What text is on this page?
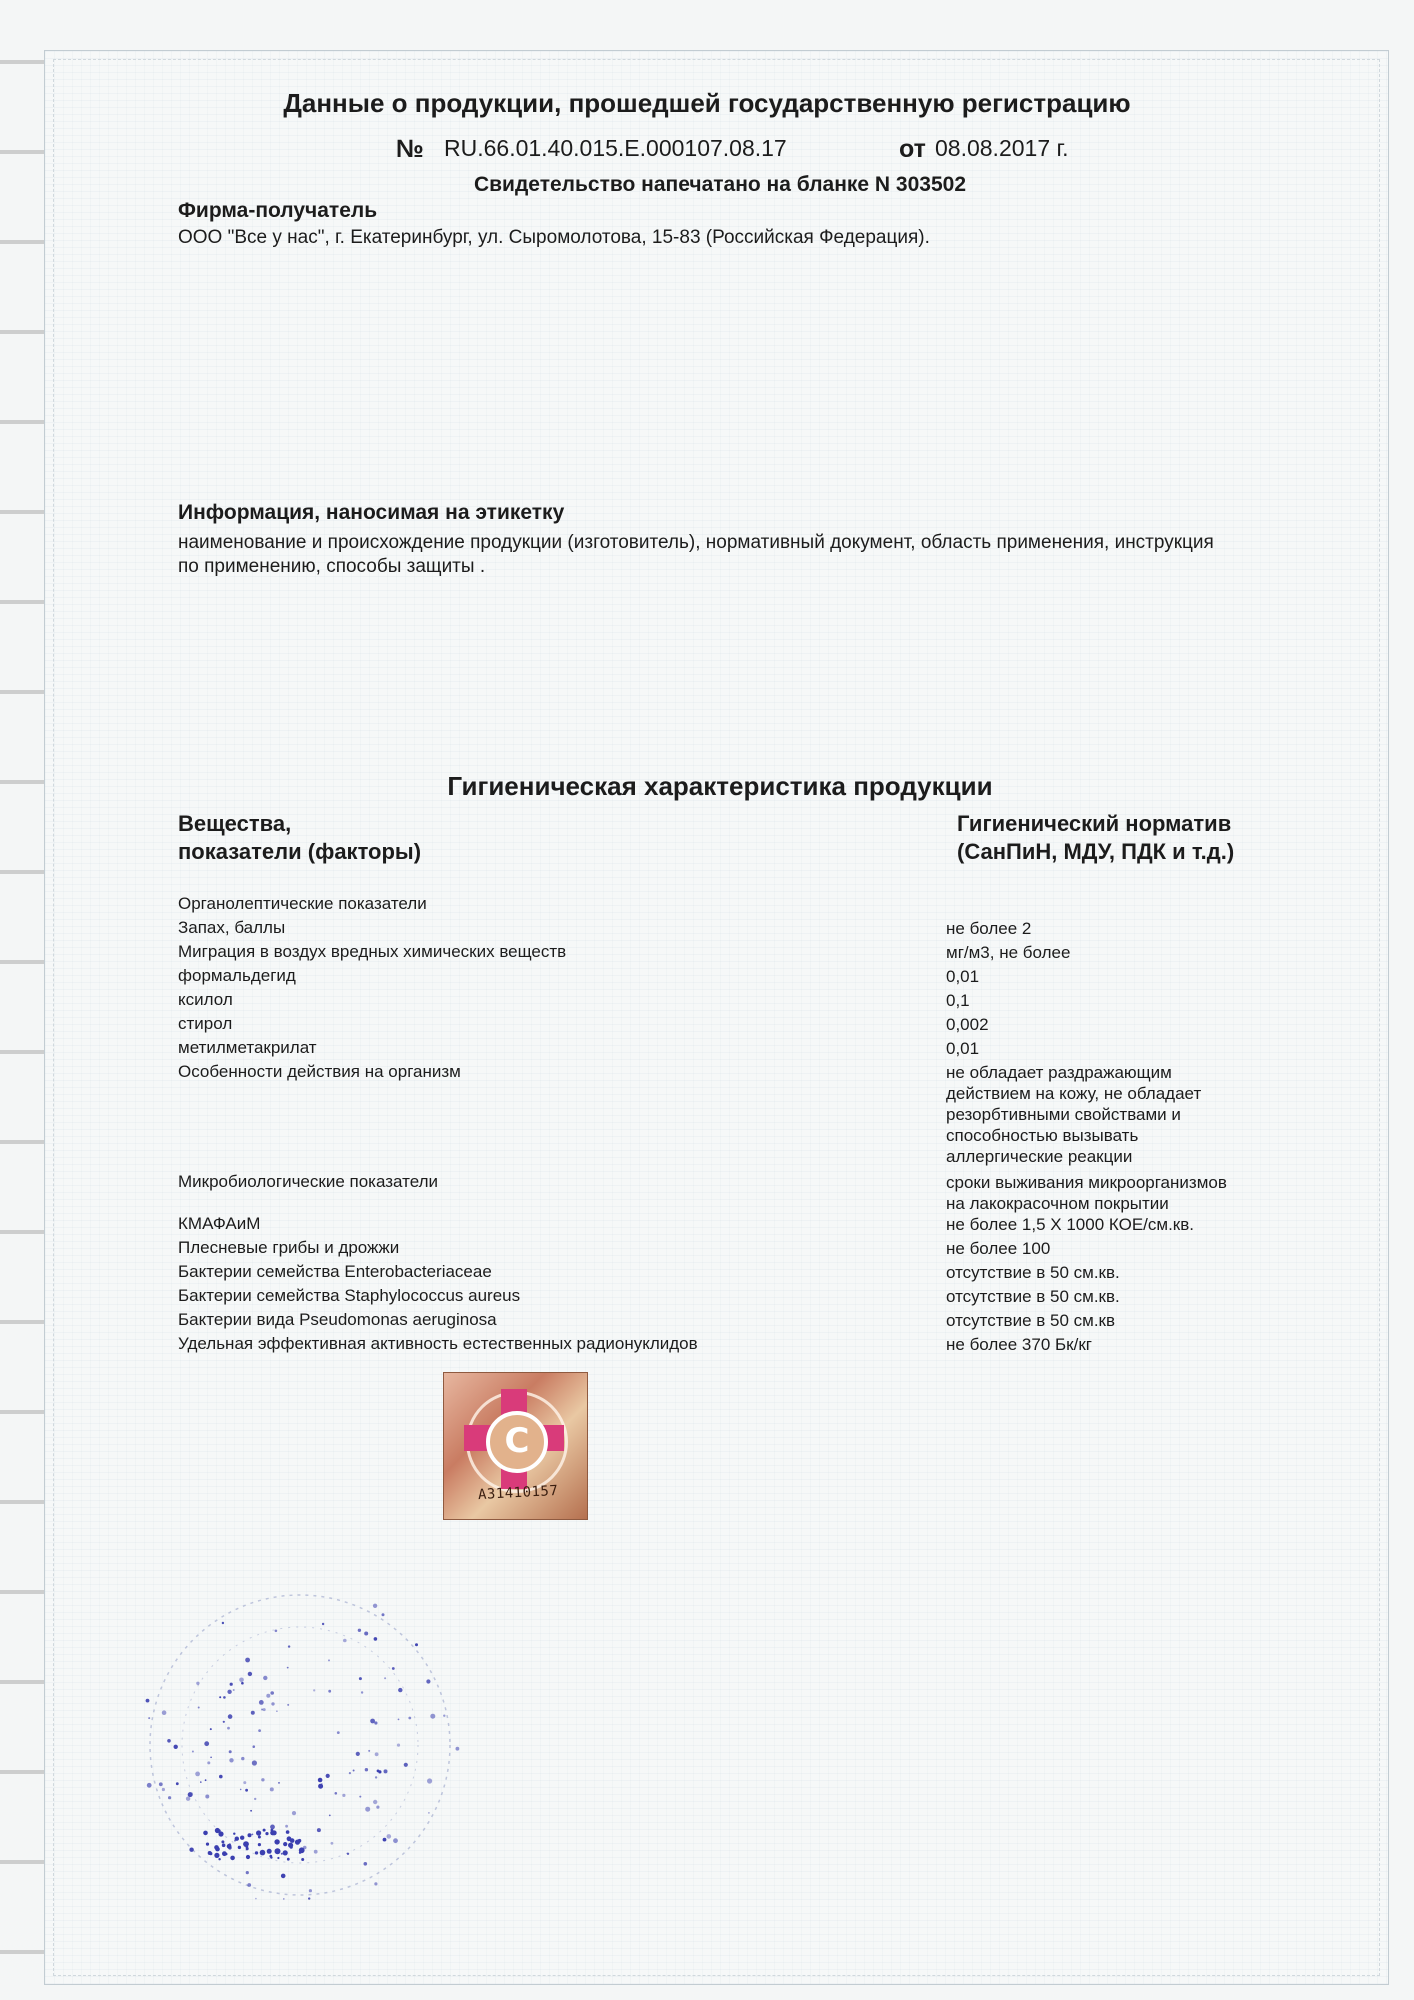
Данные о продукции, прошедшей государственную регистрацию
№ RU.66.01.40.015.Е.000107.08.17	от 08.08.2017 г.
Свидетельство напечатано на бланке N 303502
Фирма-получатель
ООО "Все у нас", г. Екатеринбург, ул. Сыромолотова, 15-83 (Российская Федерация).
Информация, наносимая на этикетку
наименование и происхождение продукции (изготовитель), нормативный документ, область применения, инструкция по применению, способы защиты .
Гигиеническая характеристика продукции
Вещества,
показатели (факторы)
Гигиенический норматив
(СанПиН, МДУ, ПДК и т.д.)
Органолептические показатели
Запах, баллы	не более 2
Миграция в воздух вредных химических веществ	мг/м3, не более
формальдегид	0,01
ксилол	0,1
стирол	0,002
метилметакрилат	0,01
Особенности действия на организм	не обладает раздражающим
действием на кожу, не обладает
резорбтивными свойствами и
способностью вызывать
аллергические реакции
Микробиологические показатели	сроки выживания микроорганизмов
на лакокрасочном покрытии
КМАФАиМ	не более 1,5 Х 1000 КОЕ/см.кв.
Плесневые грибы и дрожжи	не более 100
Бактерии семейства Enterobacteriaceae	отсутствие в 50 см.кв.
Бактерии семейства Staphylococcus aureus	отсутствие в 50 см.кв.
Бактерии вида Pseudomonas aeruginosa	отсутствие в 50 см.кв
Удельная эффективная активность естественных радионуклидов	не более 370 Бк/кг
С
А31410157
